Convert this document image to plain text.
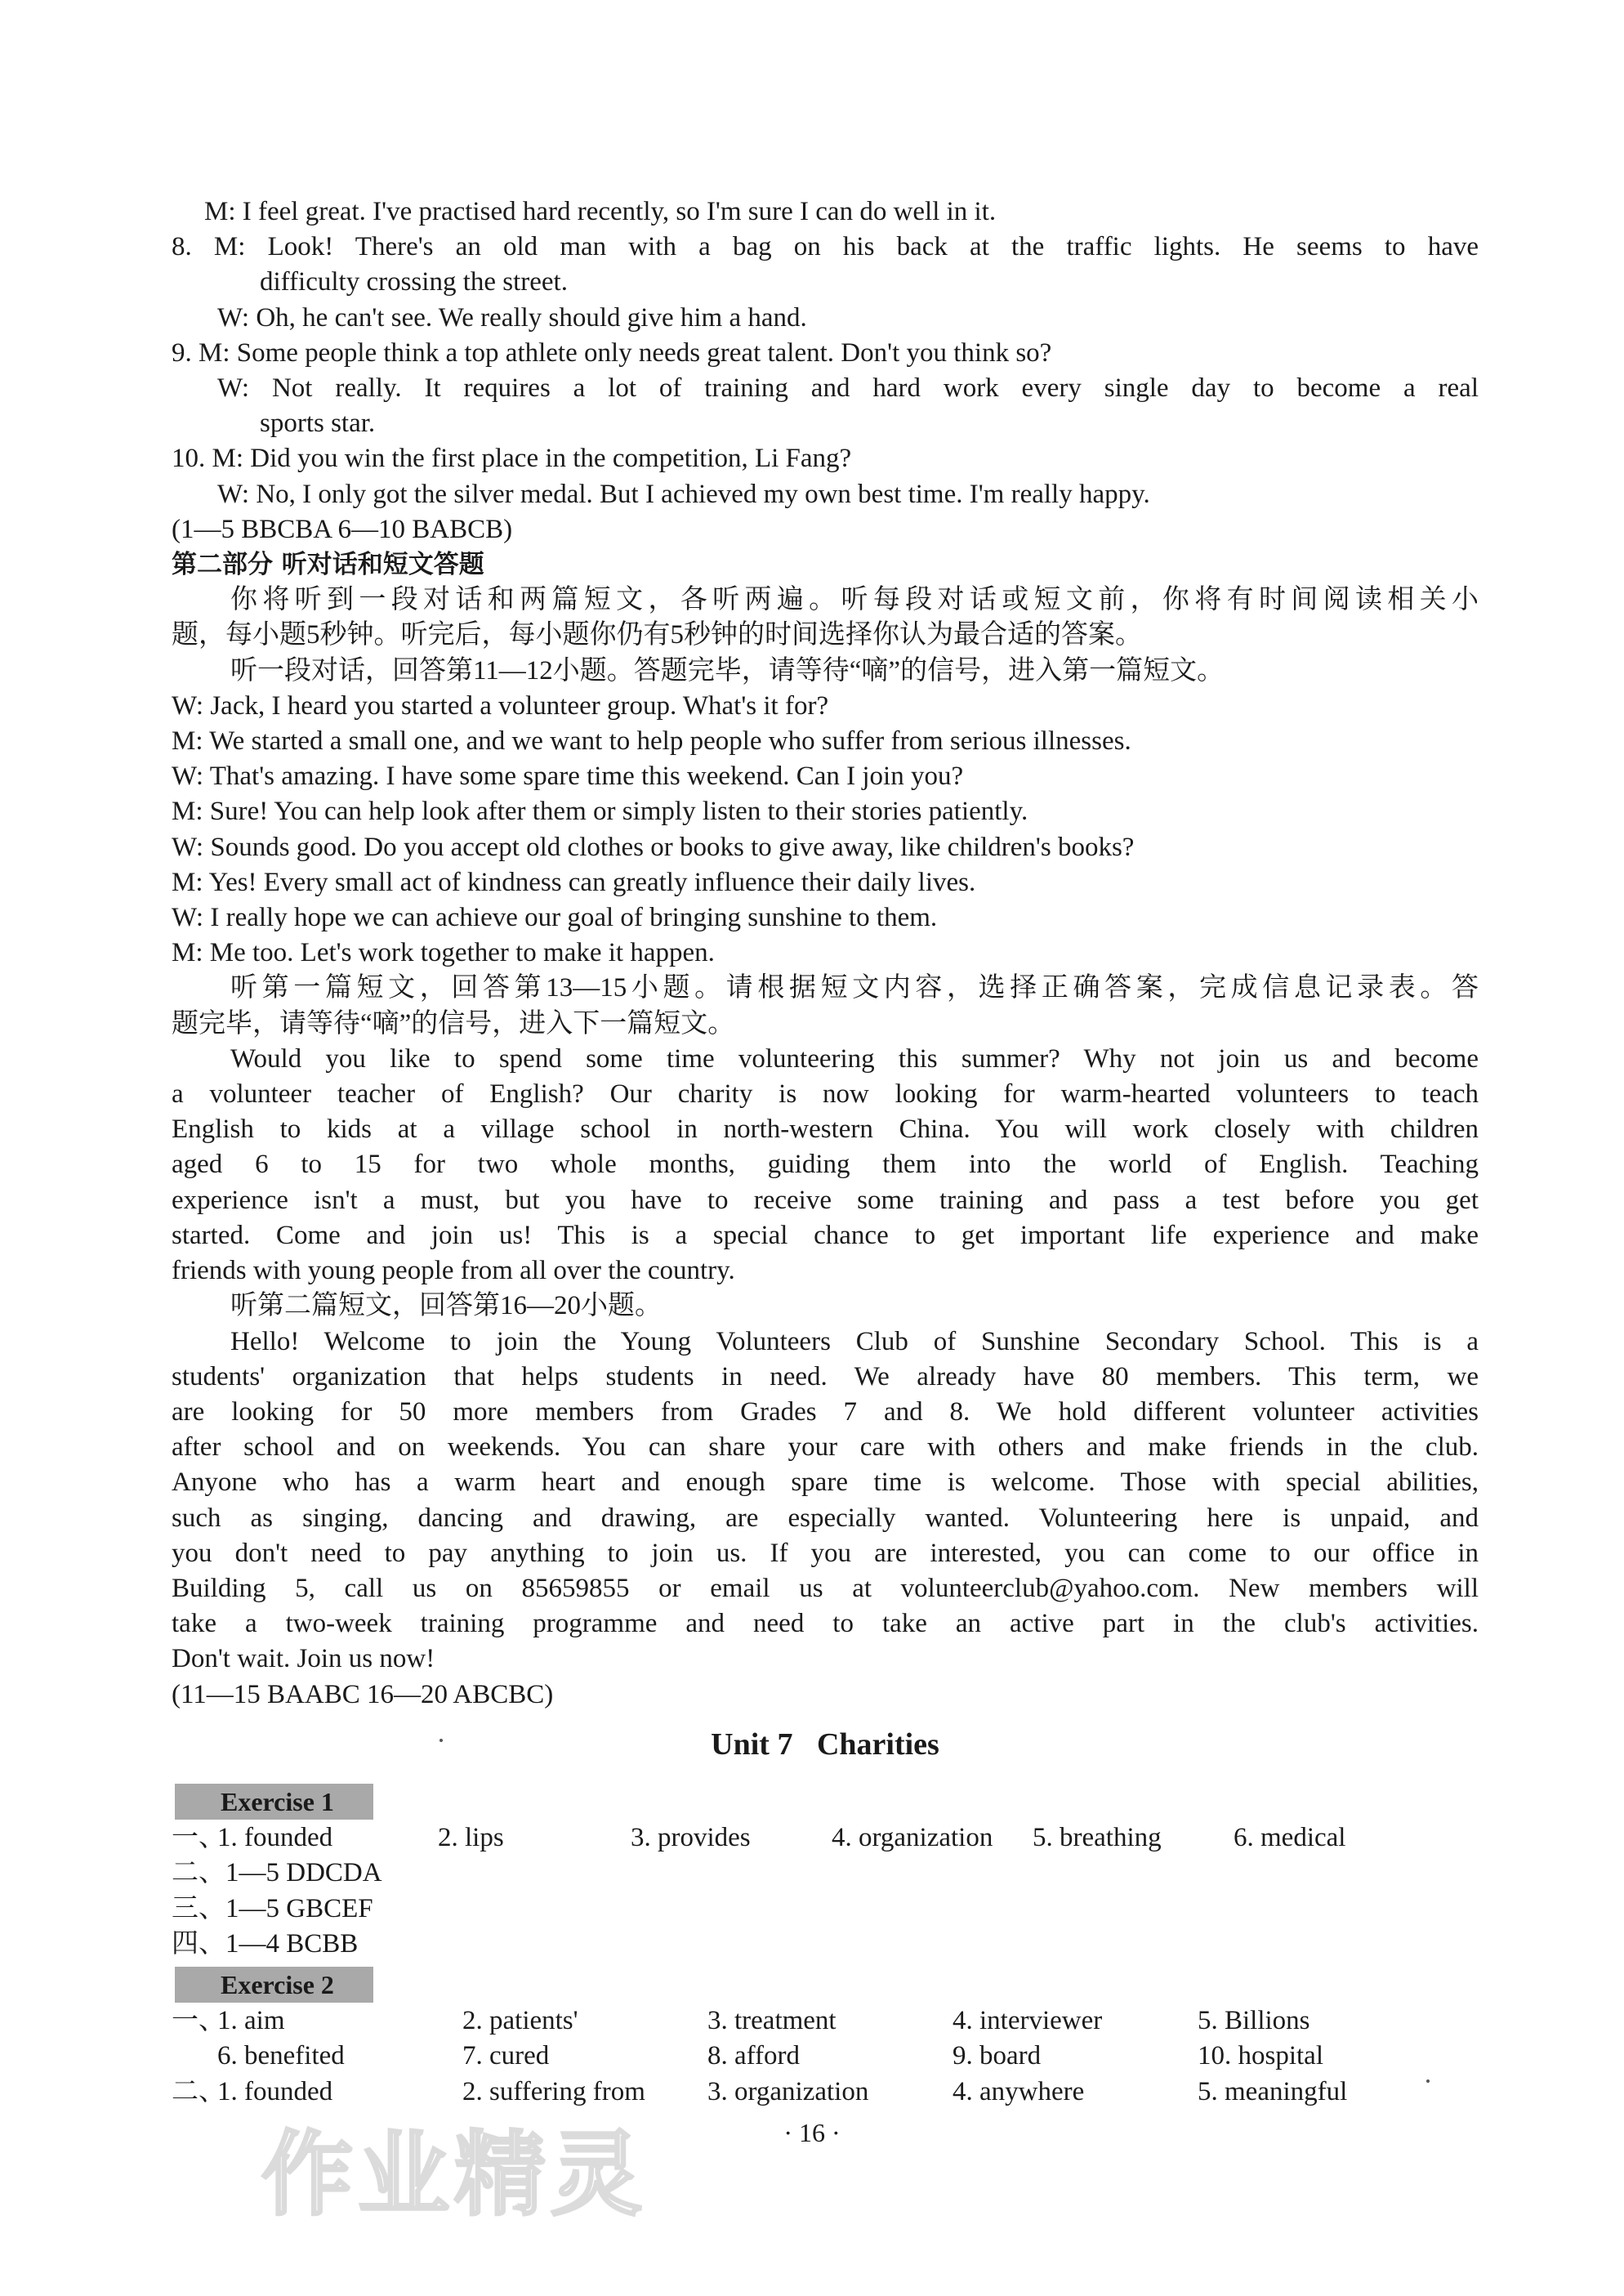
M: I feel great. I've practised hard recently, so I'm sure I can do well in it.
8. M: Look! There's an old man with a bag on his back at the traffic lights. He seems to have
difficulty crossing the street.
W: Oh, he can't see. We really should give him a hand.
9. M: Some people think a top athlete only needs great talent. Don't you think so?
W: Not really. It requires a lot of training and hard work every single day to become a real
sports star.
10. M: Did you win the first place in the competition, Li Fang?
W: No, I only got the silver medal. But I achieved my own best time. I'm really happy.
(1—5 BBCBA 6—10 BABCB)
第二部分 听对话和短文答题
你将听到一段对话和两篇短文，各听两遍。听每段对话或短文前，你将有时间阅读相关小
题，每小题5秒钟。听完后，每小题你仍有5秒钟的时间选择你认为最合适的答案。
听一段对话，回答第11—12小题。答题完毕，请等待“嘀”的信号，进入第一篇短文。
W: Jack, I heard you started a volunteer group. What's it for?
M: We started a small one, and we want to help people who suffer from serious illnesses.
W: That's amazing. I have some spare time this weekend. Can I join you?
M: Sure! You can help look after them or simply listen to their stories patiently.
W: Sounds good. Do you accept old clothes or books to give away, like children's books?
M: Yes! Every small act of kindness can greatly influence their daily lives.
W: I really hope we can achieve our goal of bringing sunshine to them.
M: Me too. Let's work together to make it happen.
听第一篇短文，回答第13—15小题。请根据短文内容，选择正确答案，完成信息记录表。答
题完毕，请等待“嘀”的信号，进入下一篇短文。
Would you like to spend some time volunteering this summer? Why not join us and become
a volunteer teacher of English? Our charity is now looking for warm-hearted volunteers to teach
English to kids at a village school in north-western China. You will work closely with children
aged 6 to 15 for two whole months, guiding them into the world of English. Teaching
experience isn't a must, but you have to receive some training and pass a test before you get
started. Come and join us! This is a special chance to get important life experience and make
friends with young people from all over the country.
听第二篇短文，回答第16—20小题。
Hello! Welcome to join the Young Volunteers Club of Sunshine Secondary School. This is a
students' organization that helps students in need. We already have 80 members. This term, we
are looking for 50 more members from Grades 7 and 8. We hold different volunteer activities
after school and on weekends. You can share your care with others and make friends in the club.
Anyone who has a warm heart and enough spare time is welcome. Those with special abilities,
such as singing, dancing and drawing, are especially wanted. Volunteering here is unpaid, and
you don't need to pay anything to join us. If you are interested, you can come to our office in
Building 5, call us on 85659855 or email us at volunteerclub@yahoo.com. New members will
take a two-week training programme and need to take an active part in the club's activities.
Don't wait. Join us now!
(11—15 BAABC 16—20 ABCBC)
Unit 7 Charities
Exercise 1
一、
1. founded	2. lips	3. provides	4. organization	5. breathing	6. medical
二、1—5 DDCDA
三、1—5 GBCEF
四、1—4 BCBB
Exercise 2
一、
1. aim	2. patients'	3. treatment	4. interviewer	5. Billions
6. benefited	7. cured	8. afford	9. board	10. hospital
二、
1. founded	2. suffering from	3. organization	4. anywhere	5. meaningful
· 16 ·
作业精灵
